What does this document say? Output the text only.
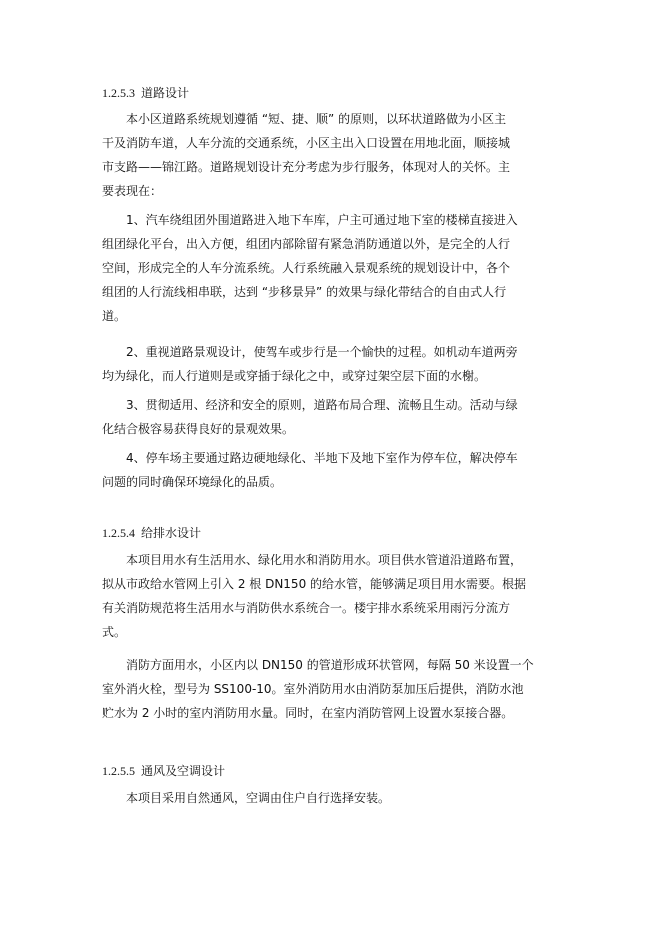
1.2.5.3 道路设计
本小区道路系统规划遵循 “短、捷、顺” 的原则，以环状道路做为小区主
干及消防车道，人车分流的交通系统，小区主出入口设置在用地北面，顺接城
市支路——锦江路。道路规划设计充分考虑为步行服务，体现对人的关怀。主
要表现在：
1、汽车绕组团外围道路进入地下车库，户主可通过地下室的楼梯直接进入
组团绿化平台，出入方便，组团内部除留有紧急消防通道以外，是完全的人行
空间，形成完全的人车分流系统。人行系统融入景观系统的规划设计中，各个
组团的人行流线相串联，达到 “步移景异” 的效果与绿化带结合的自由式人行
道。
2、重视道路景观设计，使驾车或步行是一个愉快的过程。如机动车道两旁
均为绿化，而人行道则是或穿插于绿化之中，或穿过架空层下面的水榭。
3、贯彻适用、经济和安全的原则，道路布局合理、流畅且生动。活动与绿
化结合极容易获得良好的景观效果。
4、停车场主要通过路边硬地绿化、半地下及地下室作为停车位，解决停车
问题的同时确保环境绿化的品质。
1.2.5.4 给排水设计
本项目用水有生活用水、绿化用水和消防用水。项目供水管道沿道路布置，
拟从市政给水管网上引入 2 根 DN150 的给水管，能够满足项目用水需要。根据
有关消防规范将生活用水与消防供水系统合一。楼宇排水系统采用雨污分流方
式。
消防方面用水，小区内以 DN150 的管道形成环状管网，每隔 50 米设置一个
室外消火栓，型号为 SS100-10。室外消防用水由消防泵加压后提供，消防水池
贮水为 2 小时的室内消防用水量。同时，在室内消防管网上设置水泵接合器。
1.2.5.5 通风及空调设计
本项目采用自然通风，空调由住户自行选择安装。
